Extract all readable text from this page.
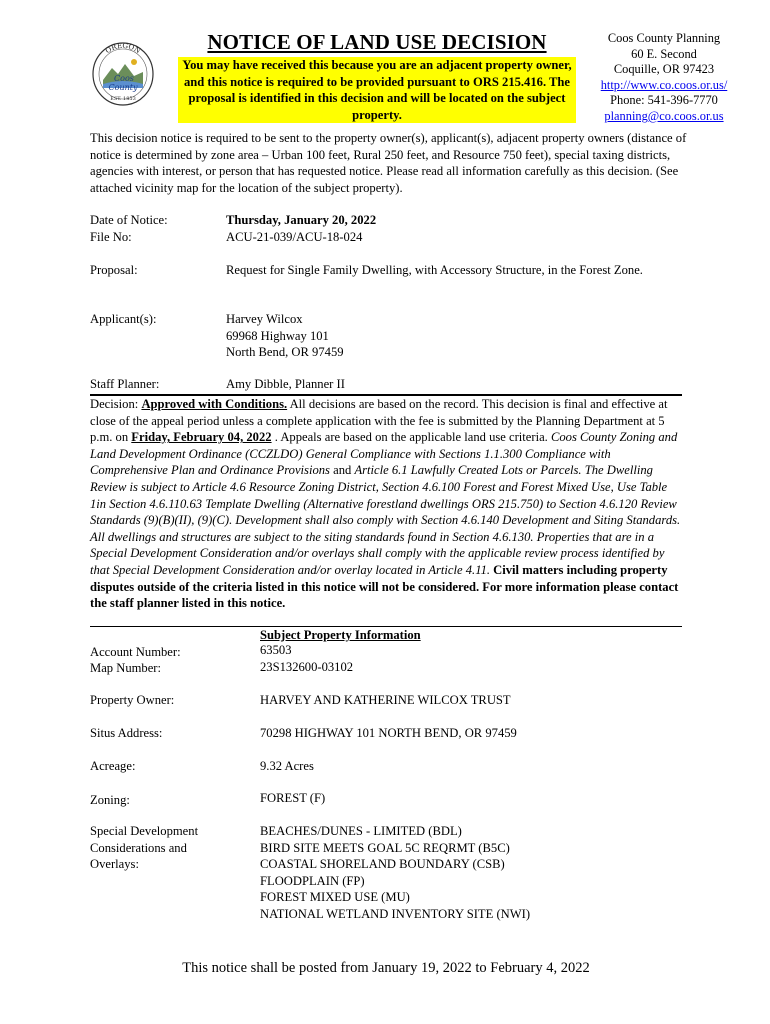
OREGON
Coos
County
EST. 1853
NOTICE OF LAND USE DECISION
You may have received this because you are an adjacent property owner, and this notice is required to be provided pursuant to ORS 215.416. The proposal is identified in this decision and will be located on the subject property.
Coos County Planning
60 E. Second
Coquille, OR 97423
http://www.co.coos.or.us/
Phone: 541-396-7770
planning@co.coos.or.us
This decision notice is required to be sent to the property owner(s), applicant(s), adjacent property owners (distance of notice is determined by zone area – Urban 100 feet, Rural 250 feet, and Resource 750 feet), special taxing districts, agencies with interest, or person that has requested notice. Please read all information carefully as this decision. (See attached vicinity map for the location of the subject property).
Date of Notice:	Thursday, January 20, 2022
File No:	ACU-21-039/ACU-18-024
Proposal:	Request for Single Family Dwelling, with Accessory Structure, in the Forest Zone.
Applicant(s):	Harvey Wilcox
69968 Highway 101
North Bend, OR 97459
Staff Planner:	Amy Dibble, Planner II
Decision: Approved with Conditions. All decisions are based on the record. This decision is final and effective at close of the appeal period unless a complete application with the fee is submitted by the Planning Department at 5 p.m. on Friday, February 04, 2022 . Appeals are based on the applicable land use criteria. Coos County Zoning and Land Development Ordinance (CCZLDO) General Compliance with Sections 1.1.300 Compliance with Comprehensive Plan and Ordinance Provisions and Article 6.1 Lawfully Created Lots or Parcels. The Dwelling Review is subject to Article 4.6 Resource Zoning District, Section 4.6.100 Forest and Forest Mixed Use, Use Table 1in Section 4.6.110.63 Template Dwelling (Alternative forestland dwellings ORS 215.750) to Section 4.6.120 Review Standards (9)(B)(II), (9)(C). Development shall also comply with Section 4.6.140 Development and Siting Standards. All dwellings and structures are subject to the siting standards found in Section 4.6.130. Properties that are in a Special Development Consideration and/or overlays shall comply with the applicable review process identified by that Special Development Consideration and/or overlay located in Article 4.11. Civil matters including property disputes outside of the criteria listed in this notice will not be considered. For more information please contact the staff planner listed in this notice.
Subject Property Information
Account Number:	63503
Map Number:	23S132600-03102
Property Owner:	HARVEY AND KATHERINE WILCOX TRUST
Situs Address:	70298 HIGHWAY 101 NORTH BEND, OR 97459
Acreage:	9.32 Acres
Zoning:	FOREST (F)
Special Development
Considerations and
Overlays:
BEACHES/DUNES - LIMITED (BDL)
BIRD SITE MEETS GOAL 5C REQRMT (B5C)
COASTAL SHORELAND BOUNDARY (CSB)
FLOODPLAIN (FP)
FOREST MIXED USE (MU)
NATIONAL WETLAND INVENTORY SITE (NWI)
This notice shall be posted from January 19, 2022 to February 4, 2022
